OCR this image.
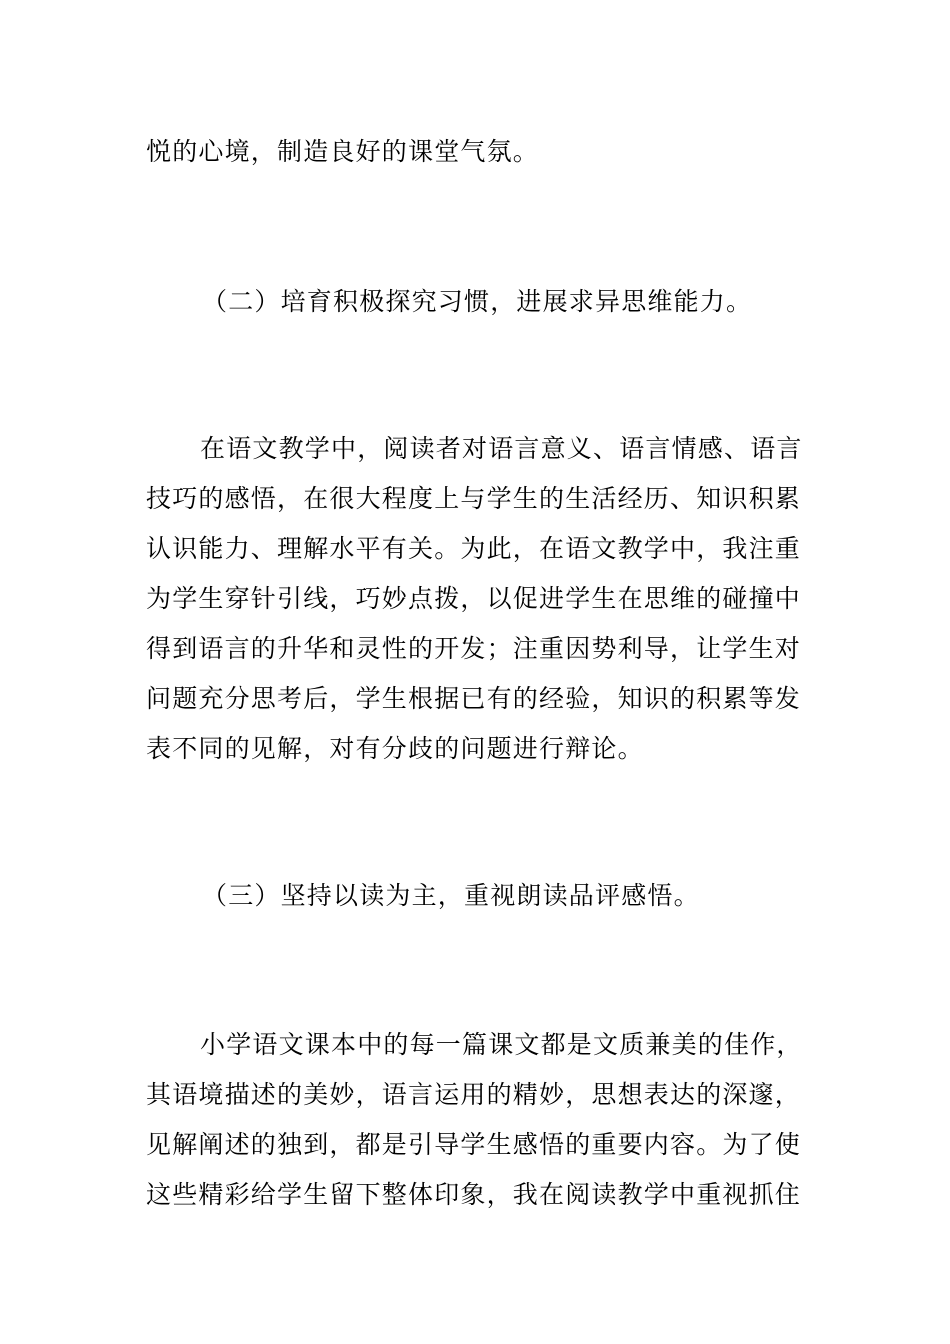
悦的心境，制造良好的课堂气氛。
（二）培育积极探究习惯，进展求异思维能力。
在语文教学中，阅读者对语言意义、语言情感、语言
技巧的感悟，在很大程度上与学生的生活经历、知识积累
认识能力、理解水平有关。为此，在语文教学中，我注重
为学生穿针引线，巧妙点拨，以促进学生在思维的碰撞中
得到语言的升华和灵性的开发；注重因势利导，让学生对
问题充分思考后，学生根据已有的经验，知识的积累等发
表不同的见解，对有分歧的问题进行辩论。
（三）坚持以读为主，重视朗读品评感悟。
小学语文课本中的每一篇课文都是文质兼美的佳作，
其语境描述的美妙，语言运用的精妙，思想表达的深邃，
见解阐述的独到，都是引导学生感悟的重要内容。为了使
这些精彩给学生留下整体印象，我在阅读教学中重视抓住
